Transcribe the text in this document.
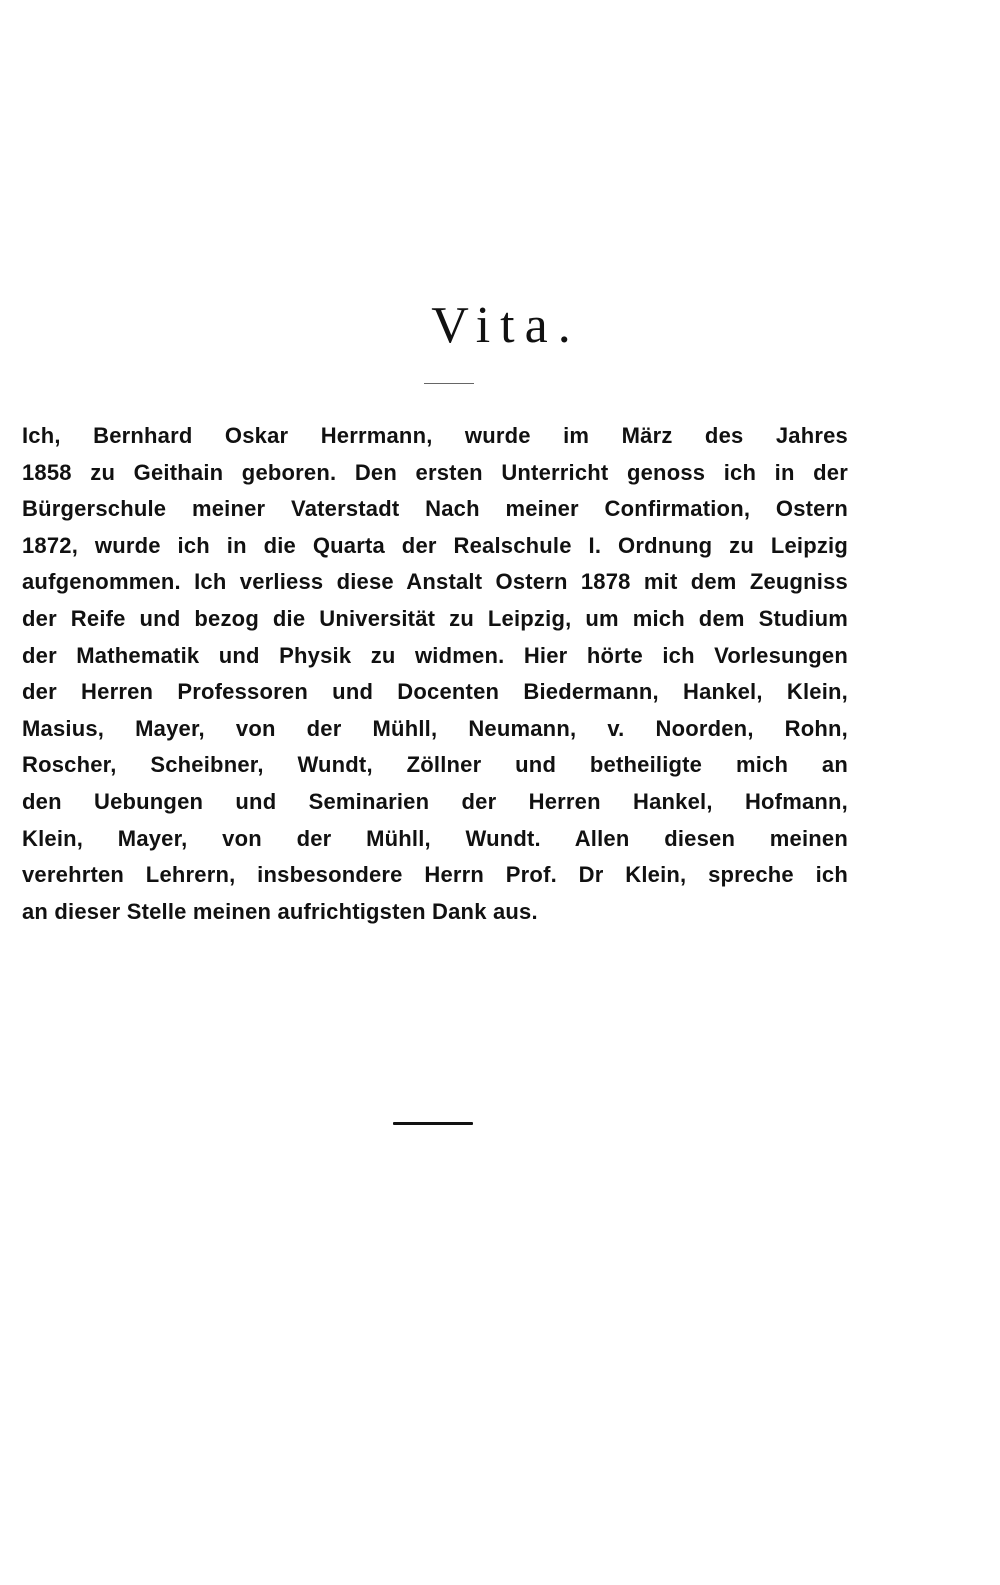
Vita.
Ich, Bernhard Oskar Herrmann, wurde im März des Jahres
1858 zu Geithain geboren. Den ersten Unterricht genoss ich in der
Bürgerschule meiner Vaterstadt Nach meiner Confirmation, Ostern
1872, wurde ich in die Quarta der Realschule I. Ordnung zu Leipzig
aufgenommen. Ich verliess diese Anstalt Ostern 1878 mit dem Zeugniss
der Reife und bezog die Universität zu Leipzig, um mich dem Studium
der Mathematik und Physik zu widmen. Hier hörte ich Vorlesungen
der Herren Professoren und Docenten Biedermann, Hankel, Klein,
Masius, Mayer, von der Mühll, Neumann, v. Noorden, Rohn,
Roscher, Scheibner, Wundt, Zöllner und betheiligte mich an
den Uebungen und Seminarien der Herren Hankel, Hofmann,
Klein, Mayer, von der Mühll, Wundt. Allen diesen meinen
verehrten Lehrern, insbesondere Herrn Prof. Dr Klein, spreche ich
an dieser Stelle meinen aufrichtigsten Dank aus.
